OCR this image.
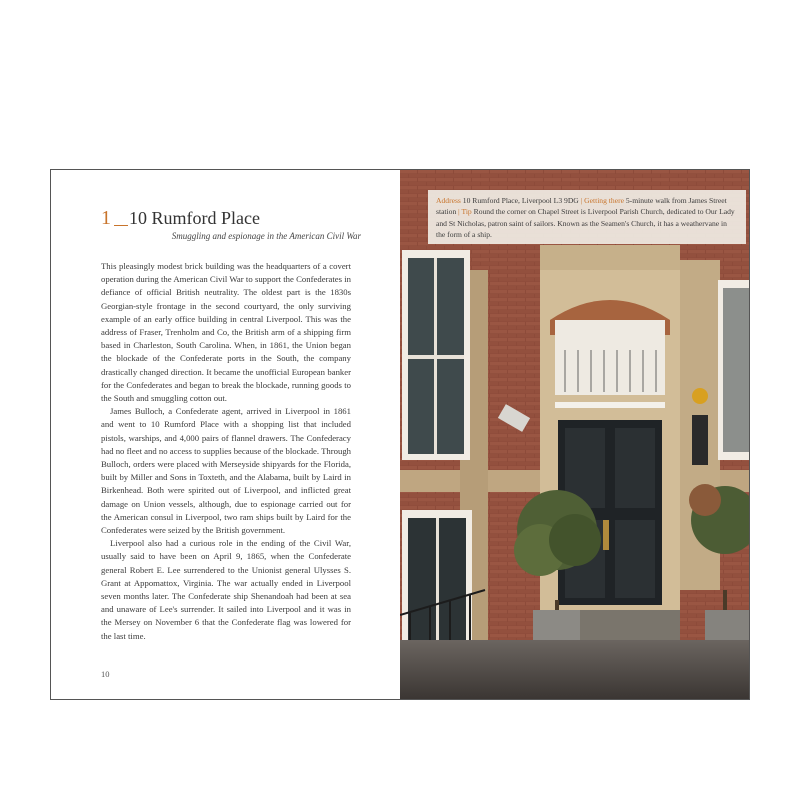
1 10 Rumford Place
Smuggling and espionage in the American Civil War

This pleasingly modest brick building was the headquarters of a covert operation during the American Civil War to support the Confederates in defiance of official British neutrality. The oldest part is the 1830s Georgian-style frontage in the second courtyard, the only surviving example of an early office building in central Liverpool. This was the address of Fraser, Trenholm and Co, the British arm of a shipping firm based in Charleston, South Carolina. When, in 1861, the Union began the blockade of the Confederate ports in the South, the company drastically changed direction. It became the unofficial European banker for the Confederates and began to break the blockade, running goods to the South and smuggling cotton out.

James Bulloch, a Confederate agent, arrived in Liverpool in 1861 and went to 10 Rumford Place with a shopping list that included pistols, warships, and 4,000 pairs of flannel drawers. The Confederacy had no fleet and no access to supplies because of the blockade. Through Bulloch, orders were placed with Merseyside shipyards for the Florida, built by Miller and Sons in Toxteth, and the Alabama, built by Laird in Birkenhead. Both were spirited out of Liverpool, and inflicted great damage on Union vessels, although, due to espionage carried out for the American consul in Liverpool, two ram ships built by Laird for the Confederates were seized by the British government.

Liverpool also had a curious role in the ending of the Civil War, usually said to have been on April 9, 1865, when the Confederate general Robert E. Lee surrendered to the Unionist general Ulysses S. Grant at Appomattox, Virginia. The war actually ended in Liverpool seven months later. The Confederate ship Shenandoah had been at sea and unaware of Lee's surrender. It sailed into Liverpool and it was in the Mersey on November 6 that the Confederate flag was lowered for the last time.

10
Address 10 Rumford Place, Liverpool L3 9DG | Getting there 5-minute walk from James Street station | Tip Round the corner on Chapel Street is Liverpool Parish Church, dedicated to Our Lady and St Nicholas, patron saint of sailors. Known as the Seamen's Church, it has a weathervane in the form of a ship.
